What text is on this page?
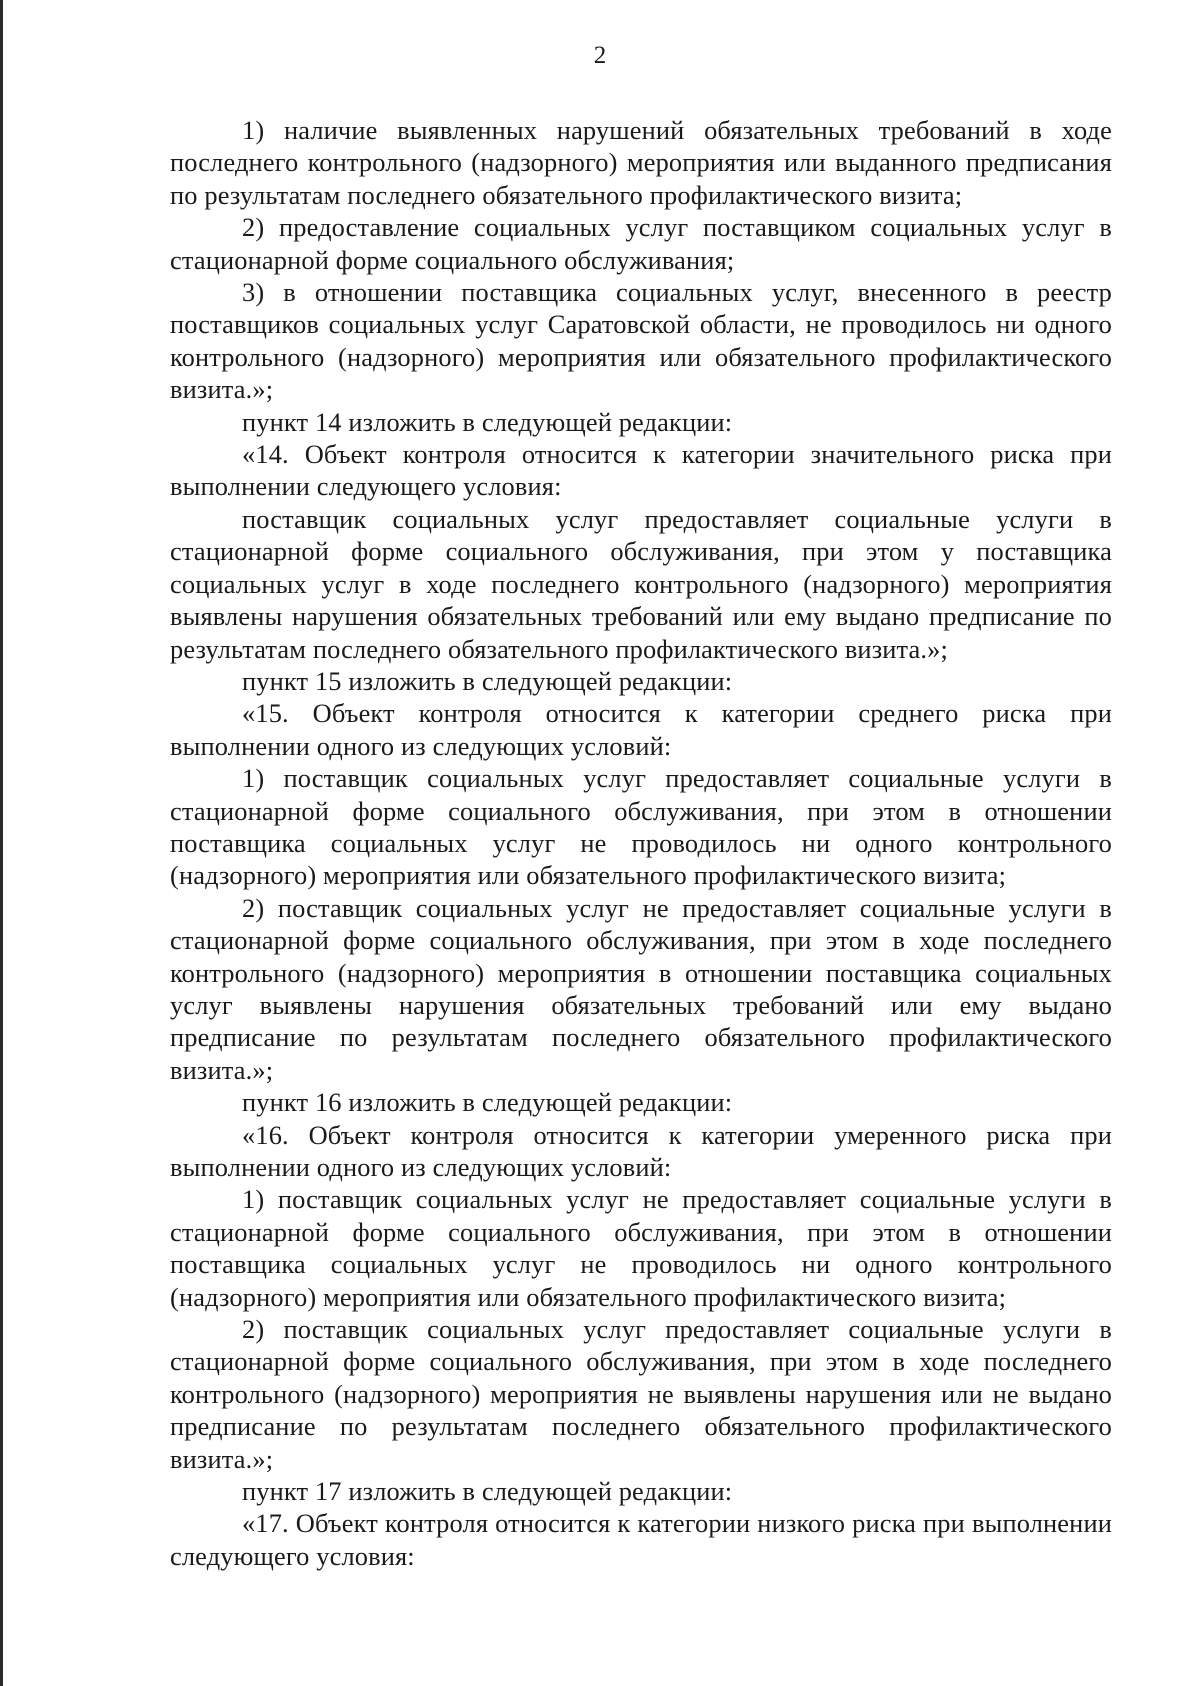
2

1) наличие выявленных нарушений обязательных требований в ходе последнего контрольного (надзорного) мероприятия или выданного предписания по результатам последнего обязательного профилактического визита;

2) предоставление социальных услуг поставщиком социальных услуг в стационарной форме социального обслуживания;

3) в отношении поставщика социальных услуг, внесенного в реестр поставщиков социальных услуг Саратовской области, не проводилось ни одного контрольного (надзорного) мероприятия или обязательного профилактического визита.»;

пункт 14 изложить в следующей редакции:

«14. Объект контроля относится к категории значительного риска при выполнении следующего условия:

поставщик социальных услуг предоставляет социальные услуги в стационарной форме социального обслуживания, при этом у поставщика социальных услуг в ходе последнего контрольного (надзорного) мероприятия выявлены нарушения обязательных требований или ему выдано предписание по результатам последнего обязательного профилактического визита.»;

пункт 15 изложить в следующей редакции:

«15. Объект контроля относится к категории среднего риска при выполнении одного из следующих условий:

1) поставщик социальных услуг предоставляет социальные услуги в стационарной форме социального обслуживания, при этом в отношении поставщика социальных услуг не проводилось ни одного контрольного (надзорного) мероприятия или обязательного профилактического визита;

2) поставщик социальных услуг не предоставляет социальные услуги в стационарной форме социального обслуживания, при этом в ходе последнего контрольного (надзорного) мероприятия в отношении поставщика социальных услуг выявлены нарушения обязательных требований или ему выдано предписание по результатам последнего обязательного профилактического визита.»;

пункт 16 изложить в следующей редакции:

«16. Объект контроля относится к категории умеренного риска при выполнении одного из следующих условий:

1) поставщик социальных услуг не предоставляет социальные услуги в стационарной форме социального обслуживания, при этом в отношении поставщика социальных услуг не проводилось ни одного контрольного (надзорного) мероприятия или обязательного профилактического визита;

2) поставщик социальных услуг предоставляет социальные услуги в стационарной форме социального обслуживания, при этом в ходе последнего контрольного (надзорного) мероприятия не выявлены нарушения или не выдано предписание по результатам последнего обязательного профилактического визита.»;

пункт 17 изложить в следующей редакции:

«17. Объект контроля относится к категории низкого риска при выполнении следующего условия:
